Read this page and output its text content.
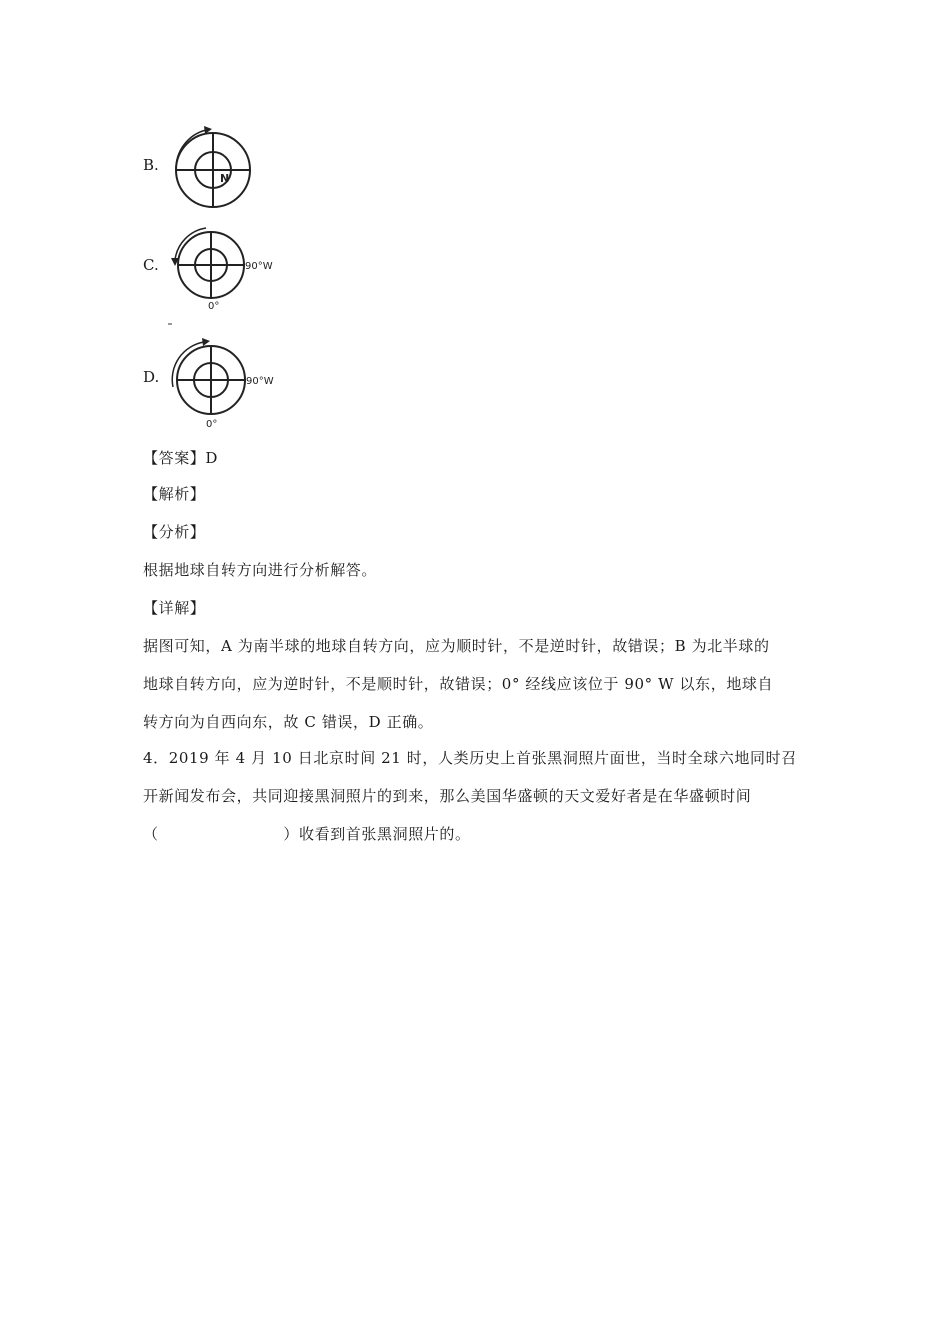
B.
N
C.	90°W
0°
D.	90°W
0°
【答案】D
【解析】
【分析】
根据地球自转方向进行分析解答。
【详解】
据图可知，A 为南半球的地球自转方向，应为顺时针，不是逆时针，故错误；B 为北半球的
地球自转方向，应为逆时针，不是顺时针，故错误；0° 经线应该位于 90° W 以东，地球自
转方向为自西向东，故 C 错误，D 正确。
4．2019 年 4 月 10 日北京时间 21 时，人类历史上首张黑洞照片面世，当时全球六地同时召
开新闻发布会，共同迎接黑洞照片的到来，那么美国华盛顿的天文爱好者是在华盛顿时间
（　　　　　　　　）收看到首张黑洞照片的。
